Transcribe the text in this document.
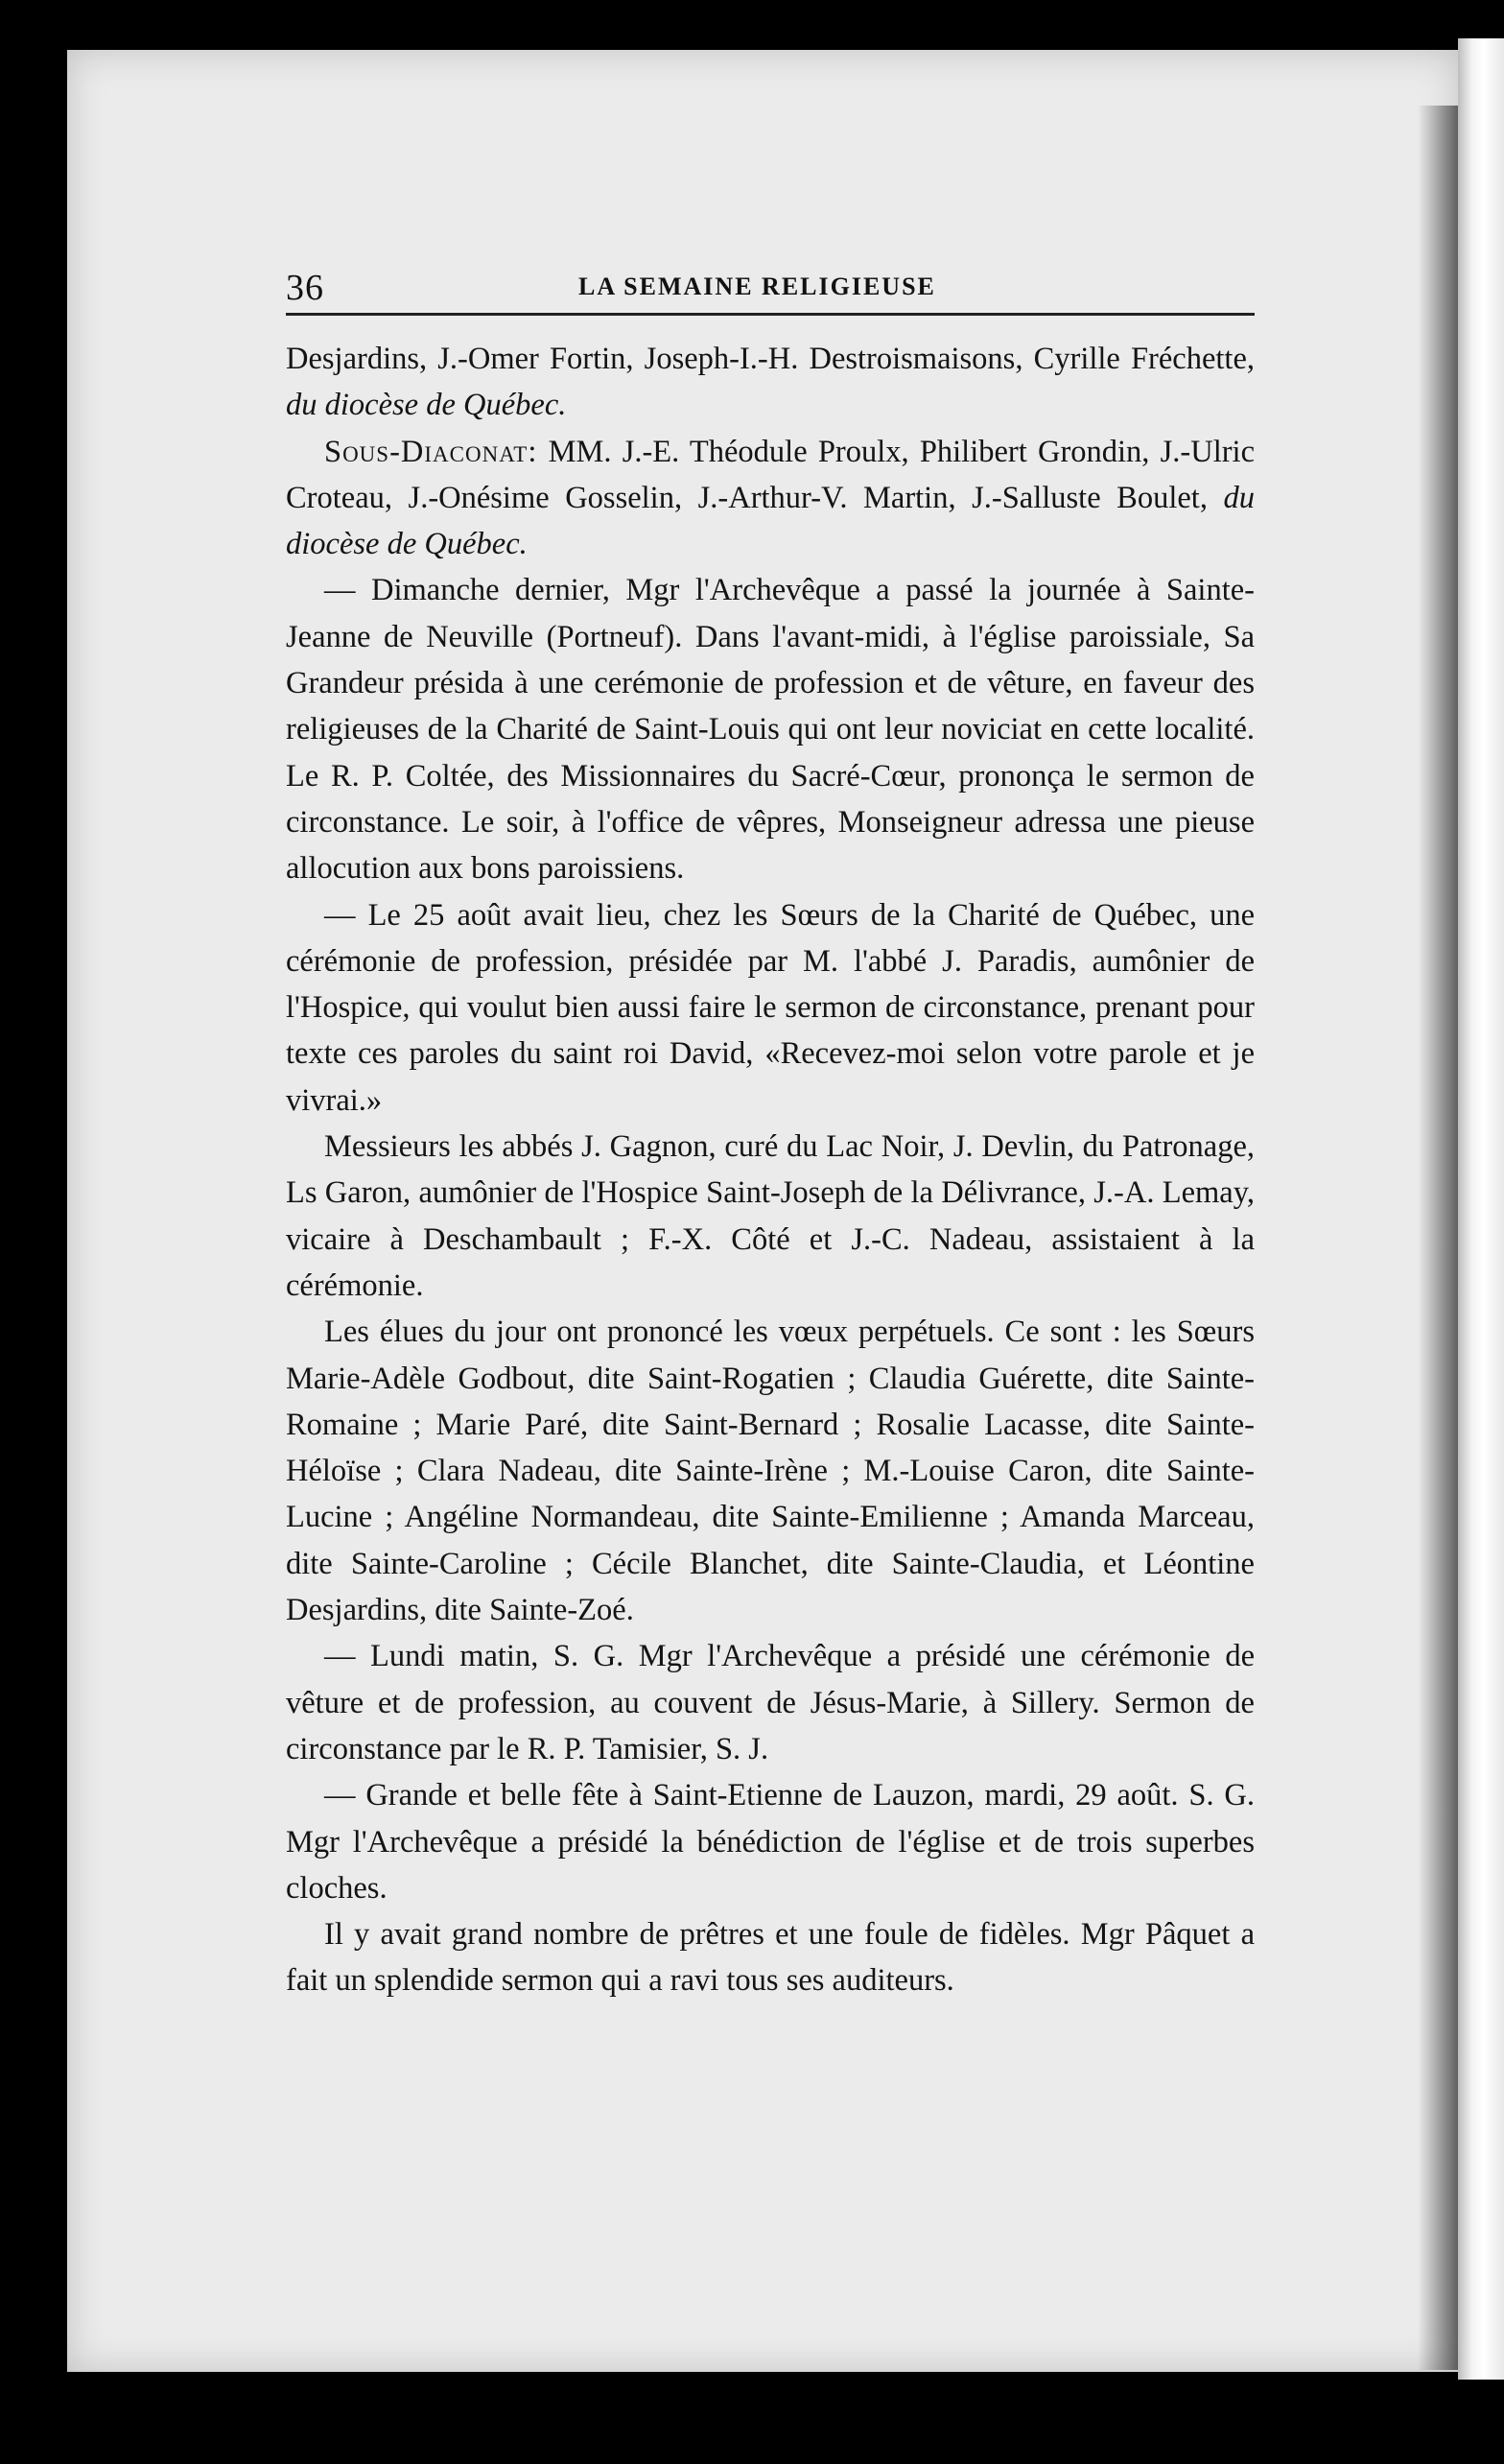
36	LA SEMAINE RELIGIEUSE

Desjardins, J.-Omer Fortin, Joseph-I.-H. Destroismaisons, Cyrille Fréchette, du diocèse de Québec.

Sous-Diaconat: MM. J.-E. Théodule Proulx, Philibert Grondin, J.-Ulric Croteau, J.-Onésime Gosselin, J.-Arthur-V. Martin, J.-Salluste Boulet, du diocèse de Québec.

— Dimanche dernier, Mgr l'Archevêque a passé la journée à Sainte-Jeanne de Neuville (Portneuf). Dans l'avant-midi, à l'église paroissiale, Sa Grandeur présida à une cerémonie de profession et de vêture, en faveur des religieuses de la Charité de Saint-Louis qui ont leur noviciat en cette localité. Le R. P. Coltée, des Missionnaires du Sacré-Cœur, prononça le sermon de circonstance. Le soir, à l'office de vêpres, Monseigneur adressa une pieuse allocution aux bons paroissiens.

— Le 25 août avait lieu, chez les Sœurs de la Charité de Québec, une cérémonie de profession, présidée par M. l'abbé J. Paradis, aumônier de l'Hospice, qui voulut bien aussi faire le sermon de circonstance, prenant pour texte ces paroles du saint roi David, «Recevez-moi selon votre parole et je vivrai.»

Messieurs les abbés J. Gagnon, curé du Lac Noir, J. Devlin, du Patronage, Ls Garon, aumônier de l'Hospice Saint-Joseph de la Délivrance, J.-A. Lemay, vicaire à Deschambault ; F.-X. Côté et J.-C. Nadeau, assistaient à la cérémonie.

Les élues du jour ont prononcé les vœux perpétuels. Ce sont : les Sœurs Marie-Adèle Godbout, dite Saint-Rogatien ; Claudia Guérette, dite Sainte-Romaine ; Marie Paré, dite Saint-Bernard ; Rosalie Lacasse, dite Sainte-Héloïse ; Clara Nadeau, dite Sainte-Irène ; M.-Louise Caron, dite Sainte-Lucine ; Angéline Normandeau, dite Sainte-Emilienne ; Amanda Marceau, dite Sainte-Caroline ; Cécile Blanchet, dite Sainte-Claudia, et Léontine Desjardins, dite Sainte-Zoé.

— Lundi matin, S. G. Mgr l'Archevêque a présidé une cérémonie de vêture et de profession, au couvent de Jésus-Marie, à Sillery. Sermon de circonstance par le R. P. Tamisier, S. J.

— Grande et belle fête à Saint-Etienne de Lauzon, mardi, 29 août. S. G. Mgr l'Archevêque a présidé la bénédiction de l'église et de trois superbes cloches.

Il y avait grand nombre de prêtres et une foule de fidèles. Mgr Pâquet a fait un splendide sermon qui a ravi tous ses auditeurs.
